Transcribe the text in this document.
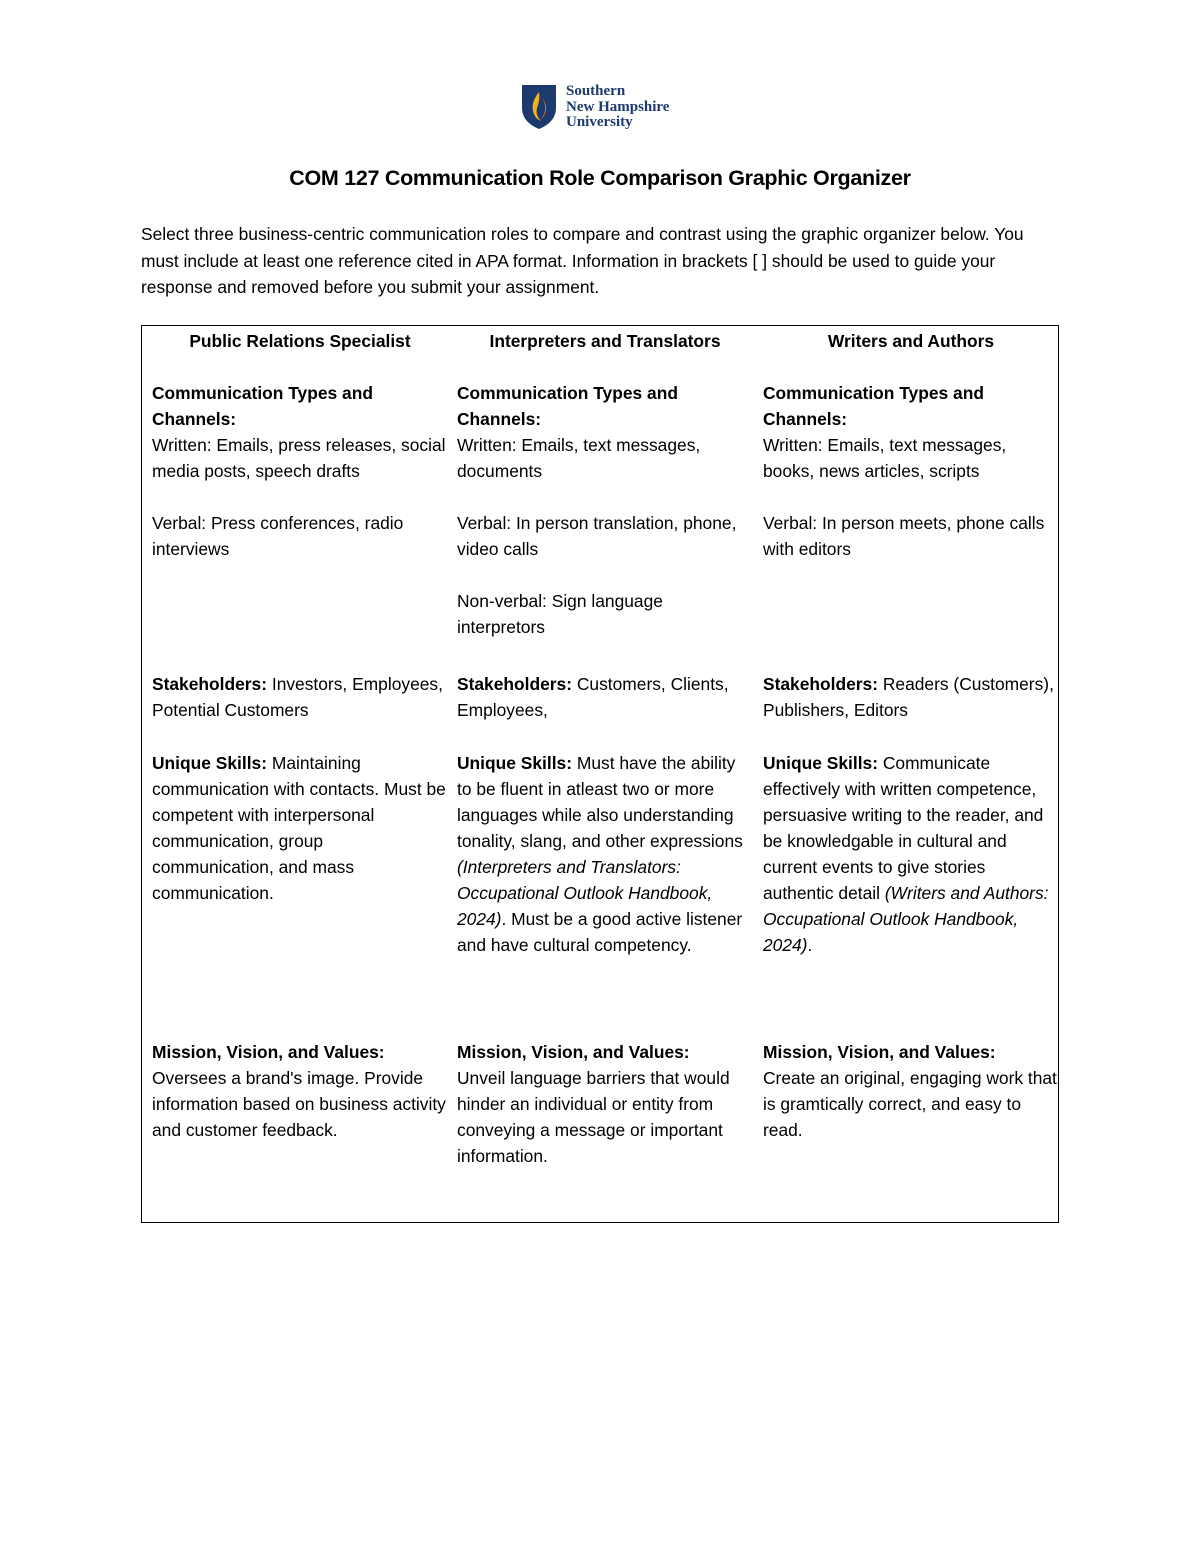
Southern
New Hampshire
University
COM 127 Communication Role Comparison Graphic Organizer
Select three business-centric communication roles to compare and contrast using the graphic organizer below. You must include at least one reference cited in APA format. Information in brackets [ ] should be used to guide your response and removed before you submit your assignment.
Public Relations Specialist

Communication Types and Channels:

Written: Emails, press releases, social media posts, speech drafts

Verbal: Press conferences, radio interviews

Stakeholders: Investors, Employees, Potential Customers

Unique Skills: Maintaining communication with contacts. Must be competent with interpersonal communication, group communication, and mass communication.

Mission, Vision, and Values:

Oversees a brand's image. Provide information based on business activity and customer feedback.

Interpreters and Translators

Communication Types and Channels:

Written: Emails, text messages, documents

Verbal: In person translation, phone, video calls

Non-verbal: Sign language interpretors

Stakeholders: Customers, Clients, Employees,

Unique Skills: Must have the ability to be fluent in atleast two or more languages while also understanding tonality, slang, and other expressions (Interpreters and Translators: Occupational Outlook Handbook, 2024). Must be a good active listener and have cultural competency.

Mission, Vision, and Values:

Unveil language barriers that would hinder an individual or entity from conveying a message or important information.

Writers and Authors

Communication Types and Channels:

Written: Emails, text messages, books, news articles, scripts

Verbal: In person meets, phone calls with editors

Stakeholders: Readers (Customers), Publishers, Editors

Unique Skills: Communicate effectively with written competence, persuasive writing to the reader, and be knowledgable in cultural and current events to give stories authentic detail (Writers and Authors: Occupational Outlook Handbook, 2024).

Mission, Vision, and Values:

Create an original, engaging work that is gramtically correct, and easy to read.
